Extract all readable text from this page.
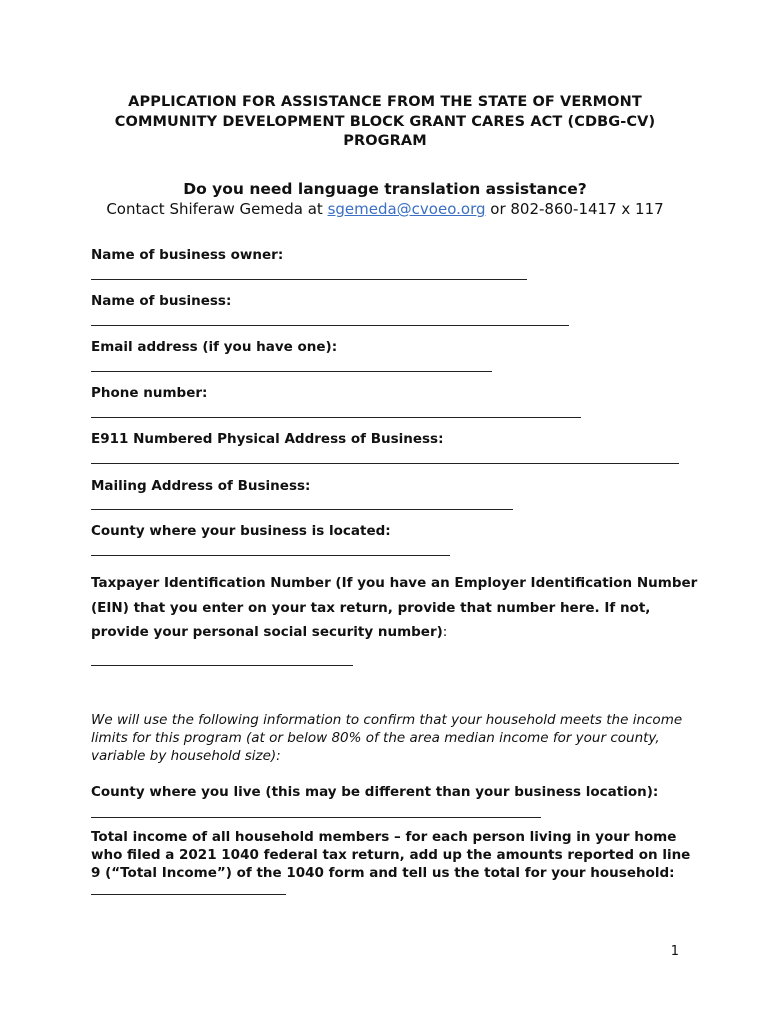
APPLICATION FOR ASSISTANCE FROM THE STATE OF VERMONT
COMMUNITY DEVELOPMENT BLOCK GRANT CARES ACT (CDBG-CV)
PROGRAM
Do you need language translation assistance?
Contact Shiferaw Gemeda at sgemeda@cvoeo.org or 802-860-1417 x 117
Name of business owner:
Name of business:
Email address (if you have one):
Phone number:
E911 Numbered Physical Address of Business:
Mailing Address of Business:
County where your business is located:
Taxpayer Identification Number (If you have an Employer Identification Number (EIN) that you enter on your tax return, provide that number here. If not, provide your personal social security number):
We will use the following information to confirm that your household meets the income limits for this program (at or below 80% of the area median income for your county, variable by household size):
County where you live (this may be different than your business location):
Total income of all household members – for each person living in your home who filed a 2021 1040 federal tax return, add up the amounts reported on line 9 (“Total Income”) of the 1040 form and tell us the total for your household:
1
